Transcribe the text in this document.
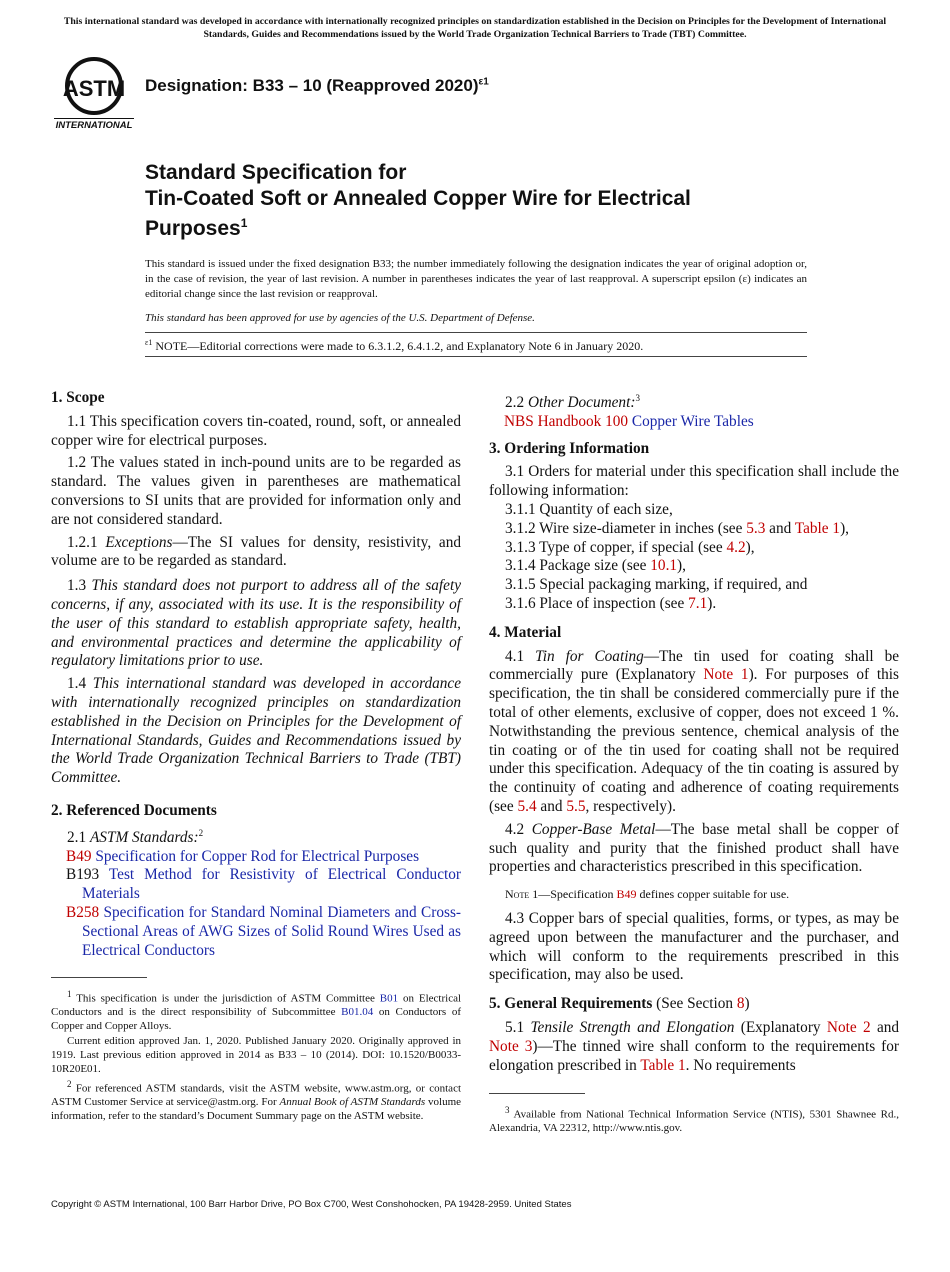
This international standard was developed in accordance with internationally recognized principles on standardization established in the Decision on Principles for the Development of International Standards, Guides and Recommendations issued by the World Trade Organization Technical Barriers to Trade (TBT) Committee.
ASTM
INTERNATIONAL
Designation: B33 – 10 (Reapproved 2020)$^{\varepsilon 1}$
Standard Specification for
Tin-Coated Soft or Annealed Copper Wire for Electrical
Purposes$^1$
This standard is issued under the fixed designation B33; the number immediately following the designation indicates the year of original adoption or, in the case of revision, the year of last revision. A number in parentheses indicates the year of last reapproval. A superscript epsilon (ε) indicates an editorial change since the last revision or reapproval.
This standard has been approved for use by agencies of the U.S. Department of Defense.
$^{\varepsilon 1}$ NOTE—Editorial corrections were made to 6.3.1.2, 6.4.1.2, and Explanatory Note 6 in January 2020.
1. Scope

1.1 This specification covers tin-coated, round, soft, or annealed copper wire for electrical purposes.

1.2 The values stated in inch-pound units are to be regarded as standard. The values given in parentheses are mathematical conversions to SI units that are provided for information only and are not considered standard.

1.2.1 Exceptions—The SI values for density, resistivity, and volume are to be regarded as standard.

1.3 This standard does not purport to address all of the safety concerns, if any, associated with its use. It is the responsibility of the user of this standard to establish appropriate safety, health, and environmental practices and determine the applicability of regulatory limitations prior to use.

1.4 This international standard was developed in accordance with internationally recognized principles on standardization established in the Decision on Principles for the Development of International Standards, Guides and Recommendations issued by the World Trade Organization Technical Barriers to Trade (TBT) Committee.

2. Referenced Documents

2.1 ASTM Standards:$^2$

B49 Specification for Copper Rod for Electrical Purposes

B193 Test Method for Resistivity of Electrical Conductor Materials

B258 Specification for Standard Nominal Diameters and Cross-Sectional Areas of AWG Sizes of Solid Round Wires Used as Electrical Conductors

$^1$ This specification is under the jurisdiction of ASTM Committee B01 on Electrical Conductors and is the direct responsibility of Subcommittee B01.04 on Conductors of Copper and Copper Alloys.

Current edition approved Jan. 1, 2020. Published January 2020. Originally approved in 1919. Last previous edition approved in 2014 as B33 – 10 (2014). DOI: 10.1520/B0033-10R20E01.

$^2$ For referenced ASTM standards, visit the ASTM website, www.astm.org, or contact ASTM Customer Service at service@astm.org. For Annual Book of ASTM Standards volume information, refer to the standard’s Document Summary page on the ASTM website.

2.2 Other Document:$^3$

NBS Handbook 100 Copper Wire Tables

3. Ordering Information

3.1 Orders for material under this specification shall include the following information:

3.1.1 Quantity of each size,

3.1.2 Wire size-diameter in inches (see 5.3 and Table 1),

3.1.3 Type of copper, if special (see 4.2),

3.1.4 Package size (see 10.1),

3.1.5 Special packaging marking, if required, and

3.1.6 Place of inspection (see 7.1).

4. Material

4.1 Tin for Coating—The tin used for coating shall be commercially pure (Explanatory Note 1). For purposes of this specification, the tin shall be considered commercially pure if the total of other elements, exclusive of copper, does not exceed 1 %. Notwithstanding the previous sentence, chemical analysis of the tin coating or of the tin used for coating shall not be required under this specification. Adequacy of the tin coating is assured by the continuity of coating and adherence of coating requirements (see 5.4 and 5.5, respectively).

4.2 Copper-Base Metal—The base metal shall be copper of such quality and purity that the finished product shall have properties and characteristics prescribed in this specification.

Note 1—Specification B49 defines copper suitable for use.

4.3 Copper bars of special qualities, forms, or types, as may be agreed upon between the manufacturer and the purchaser, and which will conform to the requirements prescribed in this specification, may also be used.

5. General Requirements (See Section 8)

5.1 Tensile Strength and Elongation (Explanatory Note 2 and Note 3)—The tinned wire shall conform to the requirements for elongation prescribed in Table 1. No requirements

$^3$ Available from National Technical Information Service (NTIS), 5301 Shawnee Rd., Alexandria, VA 22312, http://www.ntis.gov.

Copyright © ASTM International, 100 Barr Harbor Drive, PO Box C700, West Conshohocken, PA 19428-2959. United States
